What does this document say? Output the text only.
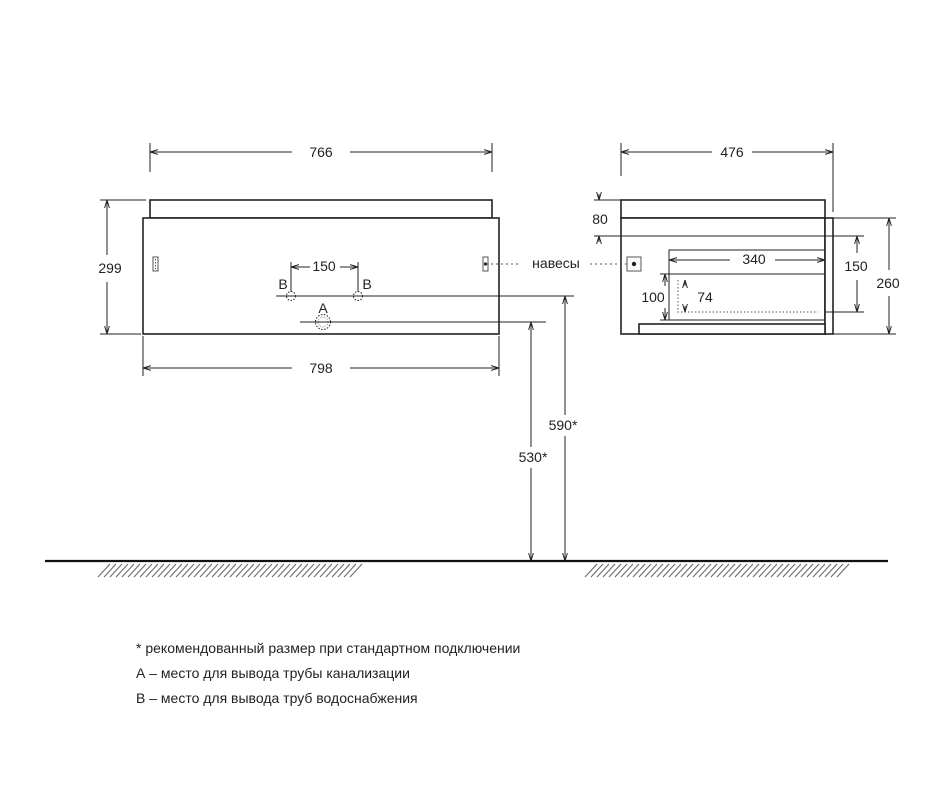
766
798
299	150
B	B
A
590*
530*
476
80
340	150
260
100 74
навесы
* рекомендованный размер при стандартном подключении
А – место для вывода трубы канализации
В – место для вывода труб водоснабжения
